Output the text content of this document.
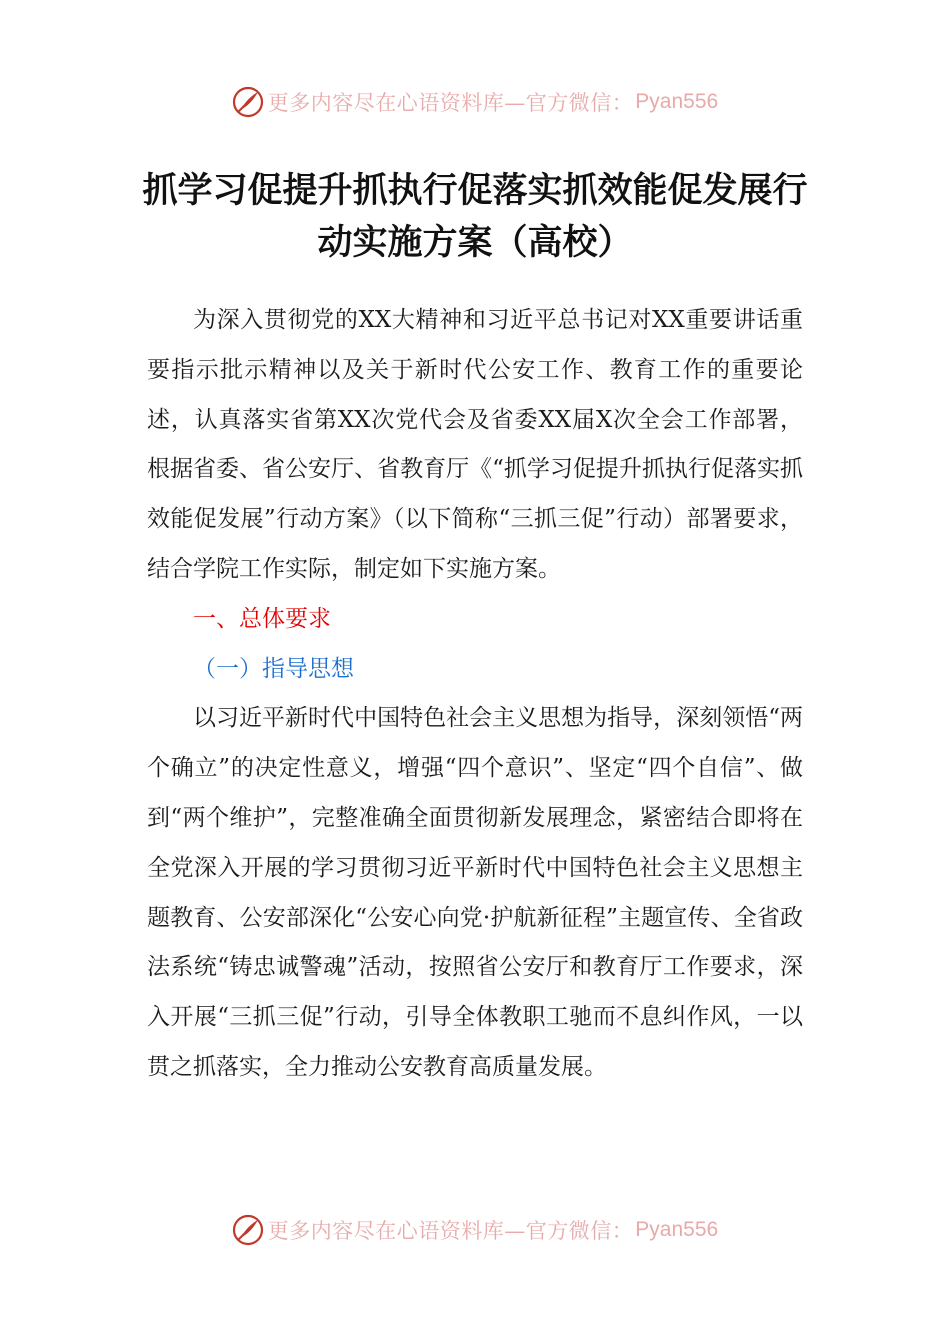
更多内容尽在心语资料库—官方微信： Pyan556
抓学习促提升抓执行促落实抓效能促发展行
动实施方案（高校）

为深入贯彻党的XX大精神和习近平总书记对XX重要讲话重要指示批示精神以及关于新时代公安工作、教育工作的重要论述，认真落实省第XX次党代会及省委XX届X次全会工作部署，根据省委、省公安厅、省教育厅《“抓学习促提升抓执行促落实抓效能促发展”行动方案》（以下简称“三抓三促”行动）部署要求，结合学院工作实际，制定如下实施方案。

一、总体要求

（一）指导思想

以习近平新时代中国特色社会主义思想为指导，深刻领悟“两个确立”的决定性意义，增强“四个意识”、坚定“四个自信”、做到“两个维护”，完整准确全面贯彻新发展理念，紧密结合即将在全党深入开展的学习贯彻习近平新时代中国特色社会主义思想主题教育、公安部深化“公安心向党·护航新征程”主题宣传、全省政法系统“铸忠诚警魂”活动，按照省公安厅和教育厅工作要求，深入开展“三抓三促”行动，引导全体教职工驰而不息纠作风，一以贯之抓落实，全力推动公安教育高质量发展。

更多内容尽在心语资料库—官方微信： Pyan556
